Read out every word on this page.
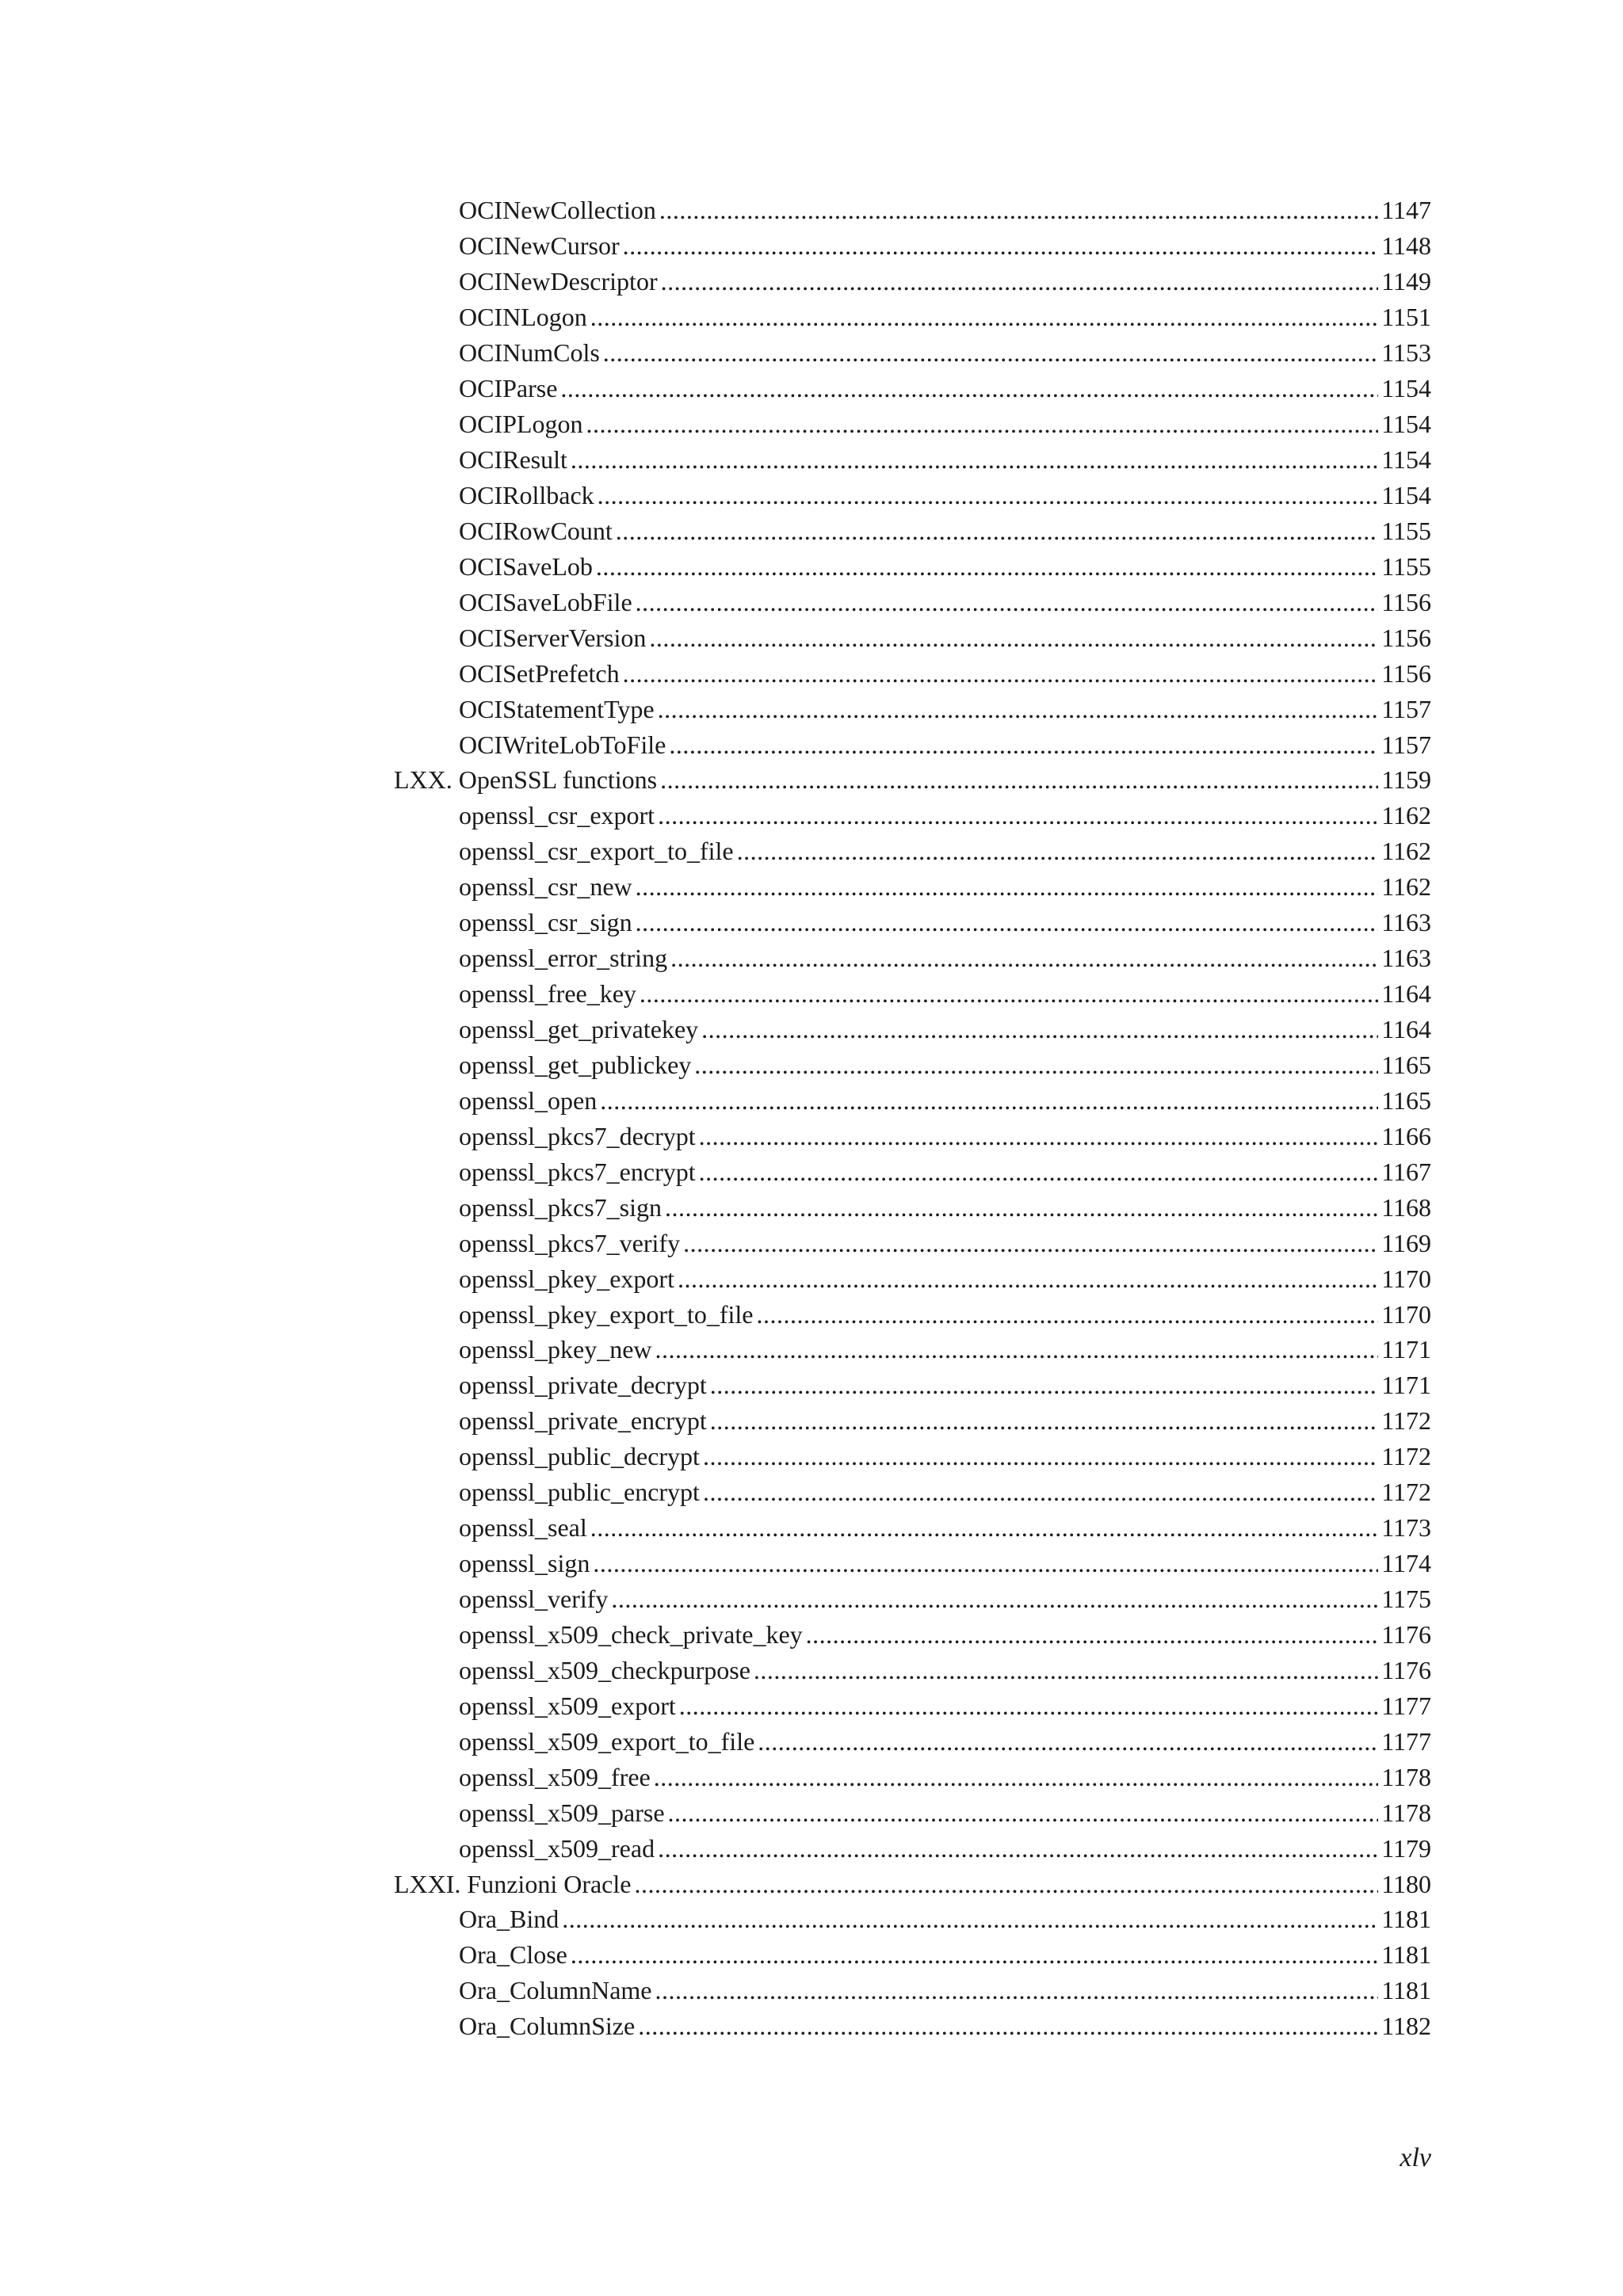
OCINewCollection .....	1147
OCINewCursor .....	1148
OCINewDescriptor .....	1149
OCINLogon .....	1151
OCINumCols .....	1153
OCIParse .....	1154
OCIPLogon .....	1154
OCIResult .....	1154
OCIRollback .....	1154
OCIRowCount .....	1155
OCISaveLob .....	1155
OCISaveLobFile .....	1156
OCIServerVersion .....	1156
OCISetPrefetch .....	1156
OCIStatementType .....	1157
OCIWriteLobToFile .....	1157
LXX. OpenSSL functions .....	1159
openssl_csr_export .....	1162
openssl_csr_export_to_file .....	1162
openssl_csr_new .....	1162
openssl_csr_sign .....	1163
openssl_error_string .....	1163
openssl_free_key .....	1164
openssl_get_privatekey .....	1164
openssl_get_publickey .....	1165
openssl_open .....	1165
openssl_pkcs7_decrypt .....	1166
openssl_pkcs7_encrypt .....	1167
openssl_pkcs7_sign .....	1168
openssl_pkcs7_verify .....	1169
openssl_pkey_export .....	1170
openssl_pkey_export_to_file .....	1170
openssl_pkey_new .....	1171
openssl_private_decrypt .....	1171
openssl_private_encrypt .....	1172
openssl_public_decrypt .....	1172
openssl_public_encrypt .....	1172
openssl_seal .....	1173
openssl_sign .....	1174
openssl_verify .....	1175
openssl_x509_check_private_key .....	1176
openssl_x509_checkpurpose .....	1176
openssl_x509_export .....	1177
openssl_x509_export_to_file .....	1177
openssl_x509_free .....	1178
openssl_x509_parse .....	1178
openssl_x509_read .....	1179
LXXI. Funzioni Oracle .....	1180
Ora_Bind .....	1181
Ora_Close .....	1181
Ora_ColumnName .....	1181
Ora_ColumnSize .....	1182
xlv
